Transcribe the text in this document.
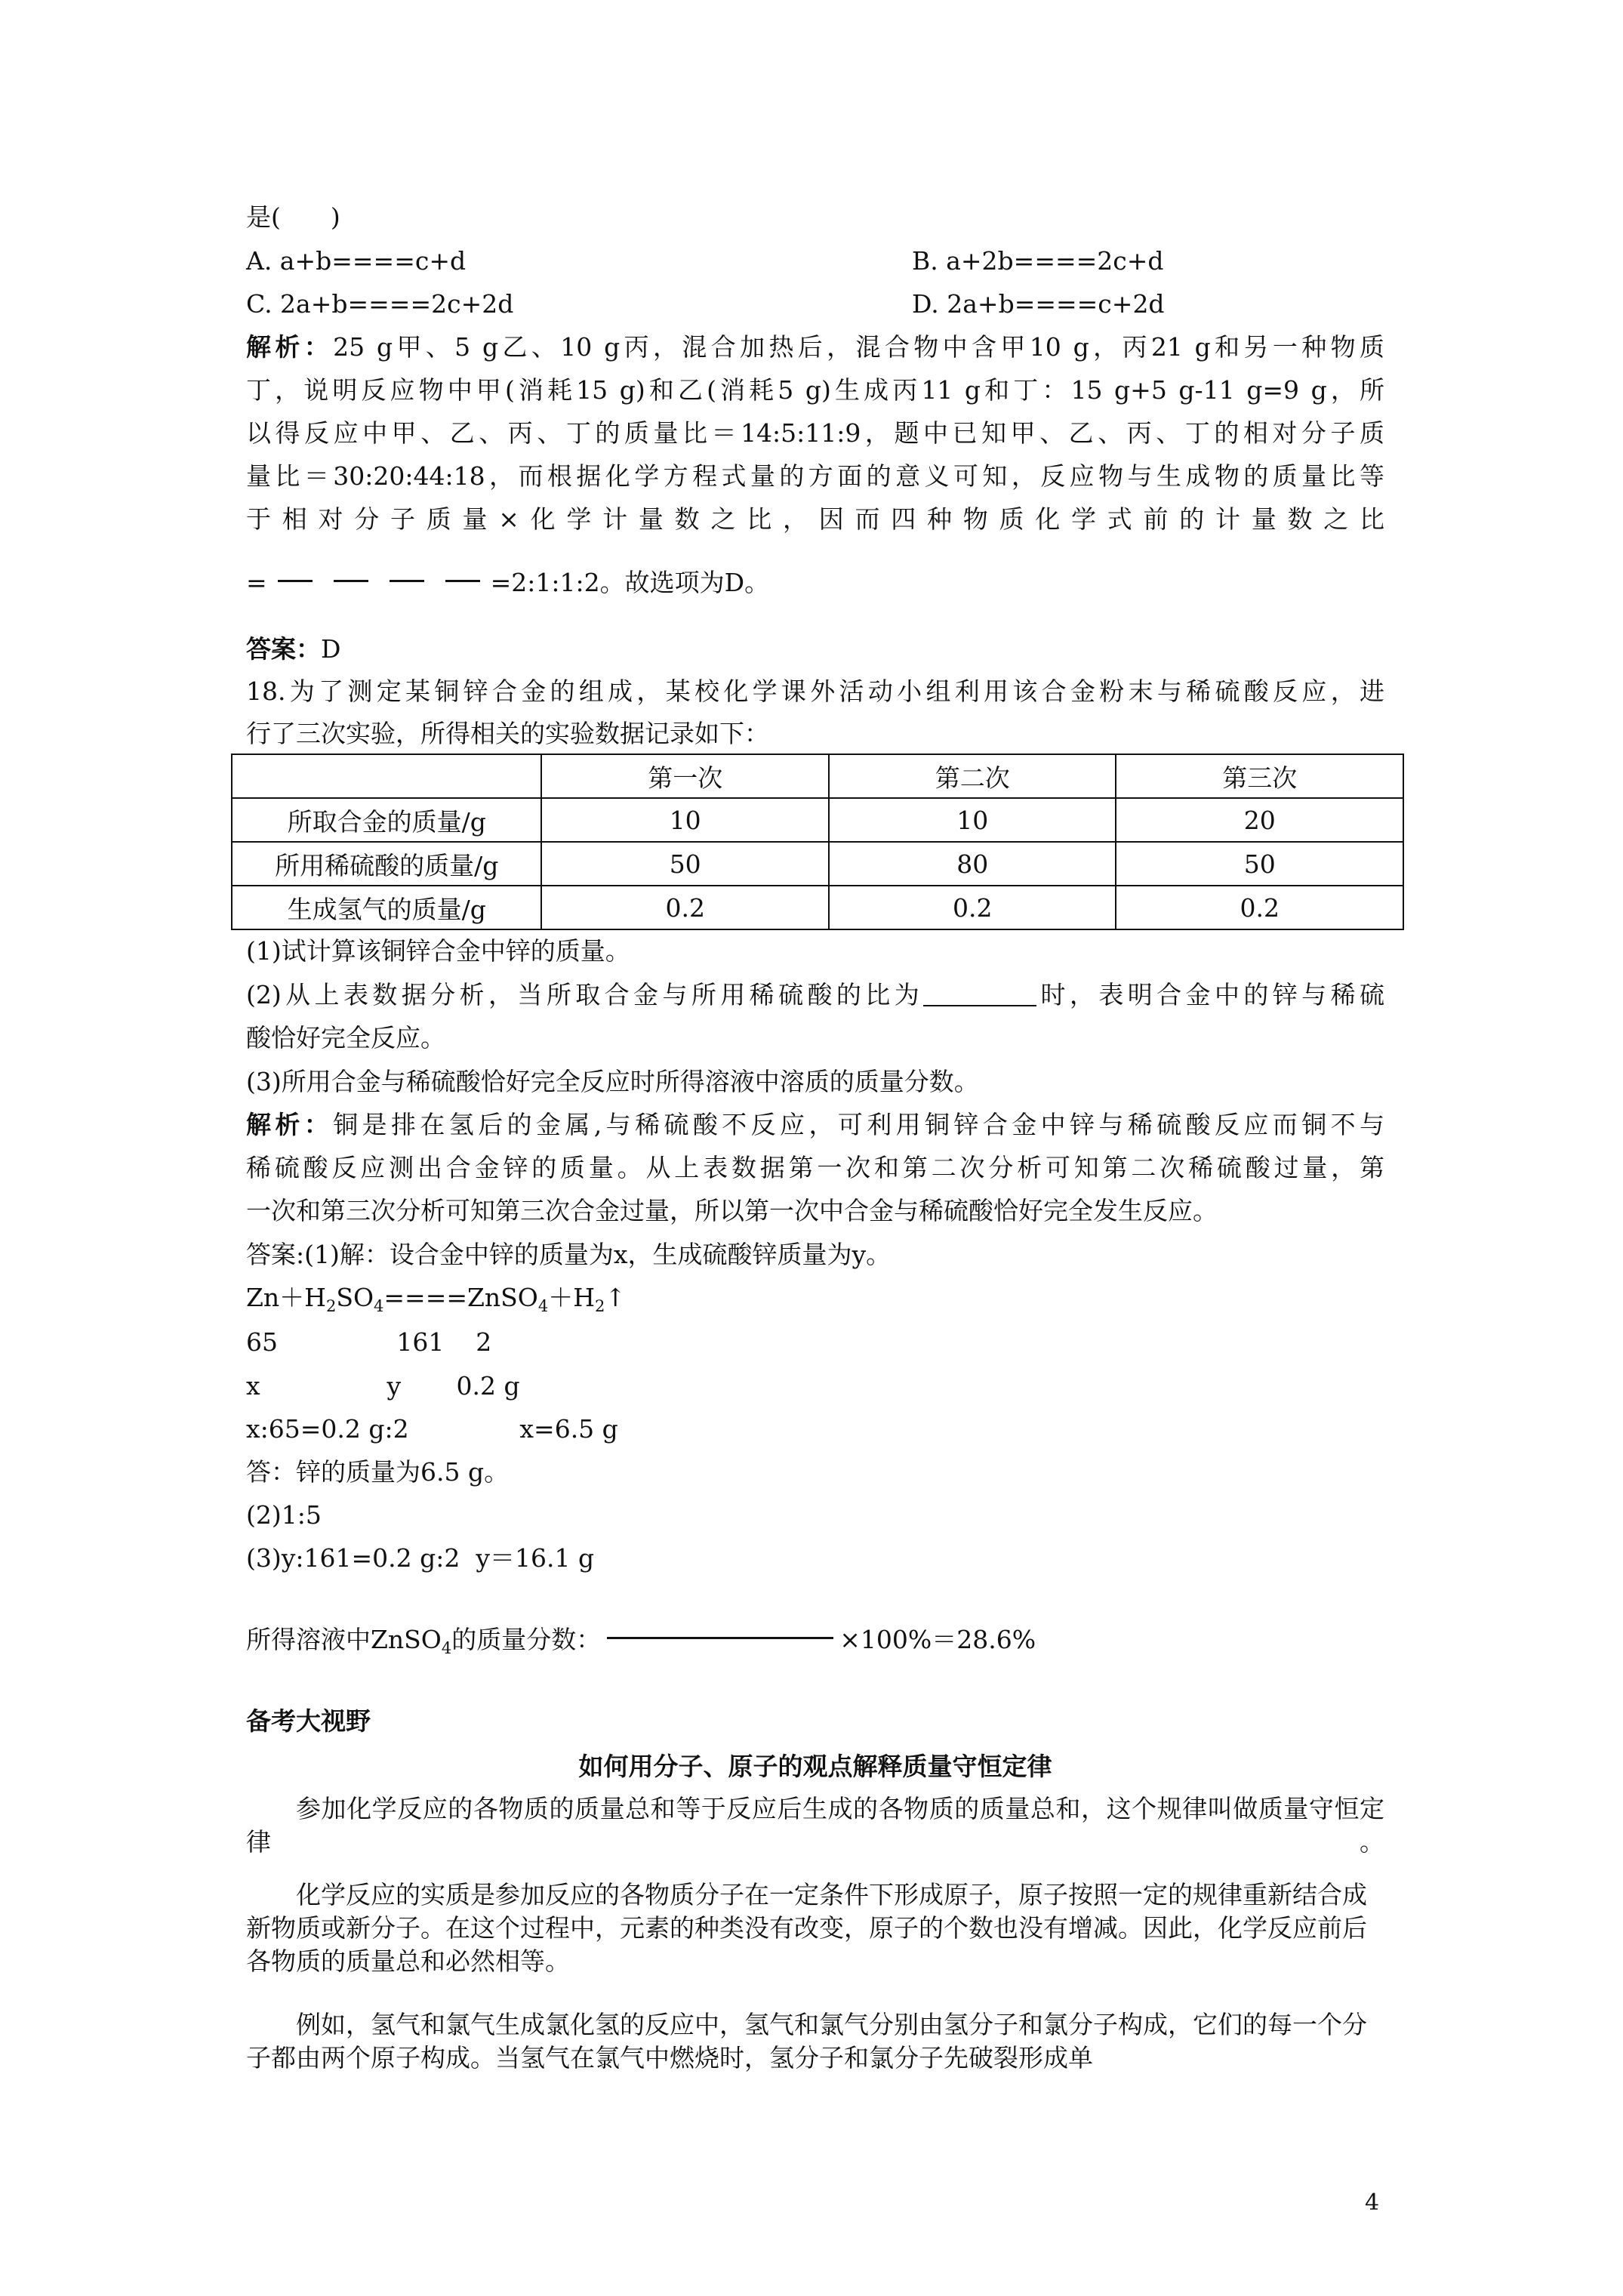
是(　　)
A. a+b====c+d	B. a+2b====2c+d
C. 2a+b====2c+2d	D. 2a+b====c+2d
解析：25 g甲、5 g乙、10 g丙，混合加热后，混合物中含甲10 g，丙21 g和另一种物质
丁，说明反应物中甲(消耗15 g)和乙(消耗5 g)生成丙11 g和丁：15 g+5 g-11 g=9 g，所
以得反应中甲、乙、丙、丁的质量比＝14:5:11:9，题中已知甲、乙、丙、丁的相对分子质
量比＝30:20:44:18，而根据化学方程式量的方面的意义可知，反应物与生成物的质量比等
于相对分子质量×化学计量数之比，因而四种物质化学式前的计量数之比
=	=2:1:1:2。故选项为D。
答案：D
18.为了测定某铜锌合金的组成，某校化学课外活动小组利用该合金粉末与稀硫酸反应，进
行了三次实验，所得相关的实验数据记录如下：
	第一次	第二次	第三次
所取合金的质量/g	10	10	20
所用稀硫酸的质量/g	50	80	50
生成氢气的质量/g	0.2	0.2	0.2
(1)试计算该铜锌合金中锌的质量。
(2)从上表数据分析，当所取合金与所用稀硫酸的比为	时，表明合金中的锌与稀硫
酸恰好完全反应。
(3)所用合金与稀硫酸恰好完全反应时所得溶液中溶质的质量分数。
解析：铜是排在氢后的金属,与稀硫酸不反应，可利用铜锌合金中锌与稀硫酸反应而铜不与
稀硫酸反应测出合金锌的质量。从上表数据第一次和第二次分析可知第二次稀硫酸过量，第
一次和第三次分析可知第三次合金过量，所以第一次中合金与稀硫酸恰好完全发生反应。
答案:(1)解：设合金中锌的质量为x，生成硫酸锌质量为y。
$Zn+H_2SO_4====ZnSO_4+H_2↑$
65               161    2
x                y       0.2 g
x:65=0.2 g:2              x=6.5 g
答：锌的质量为6.5 g。
(2)1:5
(3)y:161=0.2 g:2  y＝16.1 g
所得溶液中ZnSO$_4$的质量分数：	×100%＝28.6%
备考大视野
如何用分子、原子的观点解释质量守恒定律
参加化学反应的各物质的质量总和等于反应后生成的各物质的质量总和，这个规律叫做质量守恒定律。
化学反应的实质是参加反应的各物质分子在一定条件下形成原子，原子按照一定的规律重新结合成新物质或新分子。在这个过程中，元素的种类没有改变，原子的个数也没有增减。因此，化学反应前后各物质的质量总和必然相等。
例如，氢气和氯气生成氯化氢的反应中，氢气和氯气分别由氢分子和氯分子构成，它们的每一个分子都由两个原子构成。当氢气在氯气中燃烧时，氢分子和氯分子先破裂形成单
4
